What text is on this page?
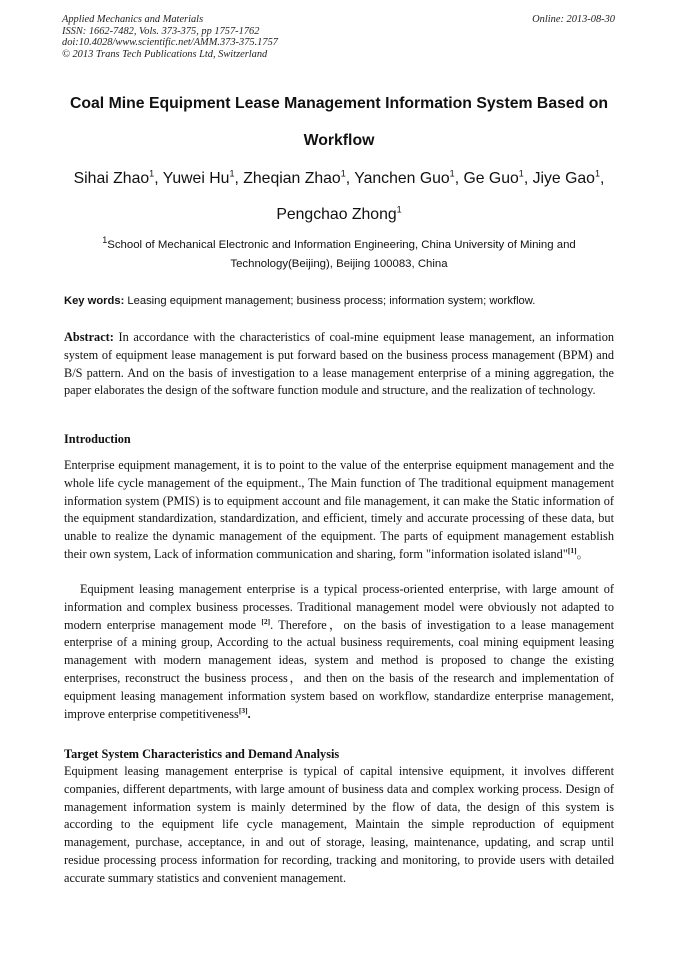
Applied Mechanics and Materials
ISSN: 1662-7482, Vols. 373-375, pp 1757-1762
doi:10.4028/www.scientific.net/AMM.373-375.1757
© 2013 Trans Tech Publications Ltd, Switzerland
Online: 2013-08-30
Coal Mine Equipment Lease Management Information System Based on Workflow
Sihai Zhao$^1$, Yuwei Hu$^1$, Zheqian Zhao$^1$, Yanchen Guo$^1$, Ge Guo$^1$, Jiye Gao$^1$,
Pengchao Zhong$^1$
$^1$School of Mechanical Electronic and Information Engineering, China University of Mining and Technology(Beijing), Beijing 100083, China
Key words: Leasing equipment management; business process; information system; workflow.
Abstract: In accordance with the characteristics of coal-mine equipment lease management, an information system of equipment lease management is put forward based on the business process management (BPM) and B/S pattern. And on the basis of investigation to a lease management enterprise of a mining aggregation, the paper elaborates the design of the software function module and structure, and the realization of technology.
Introduction
Enterprise equipment management, it is to point to the value of the enterprise equipment management and the whole life cycle management of the equipment., The Main function of The traditional equipment management information system (PMIS) is to equipment account and file management, it can make the Static information of the equipment standardization, standardization, and efficient, timely and accurate processing of these data, but unable to realize the dynamic management of the equipment. The parts of equipment management establish their own system, Lack of information communication and sharing, form "information isolated island"[1]。
Equipment leasing management enterprise is a typical process-oriented enterprise, with large amount of information and complex business processes. Traditional management model were obviously not adapted to modern enterprise management mode [2]. Therefore，on the basis of investigation to a lease management enterprise of a mining group, According to the actual business requirements, coal mining equipment leasing management with modern management ideas, system and method is proposed to change the existing enterprises, reconstruct the business process，and then on the basis of the research and implementation of equipment leasing management information system based on workflow, standardize enterprise management, improve enterprise competitiveness[3].
Target System Characteristics and Demand Analysis
Equipment leasing management enterprise is typical of capital intensive equipment, it involves different companies, different departments, with large amount of business data and complex working process. Design of management information system is mainly determined by the flow of data, the design of this system is according to the equipment life cycle management, Maintain the simple reproduction of equipment management, purchase, acceptance, in and out of storage, leasing, maintenance, updating, and scrap until residue processing process information for recording, tracking and monitoring, to provide users with detailed accurate summary statistics and convenient management.
